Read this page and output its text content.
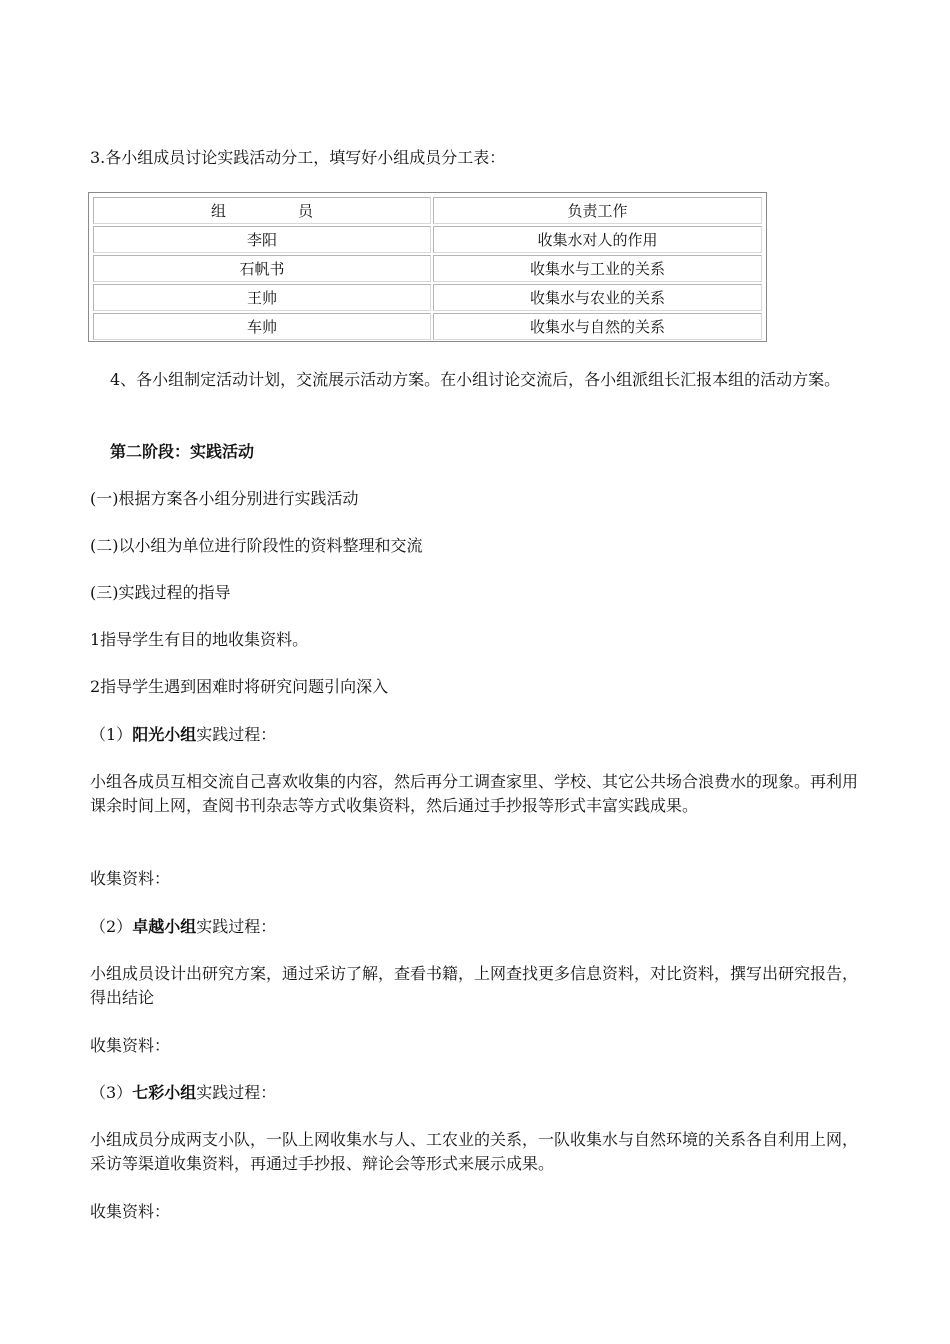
3.各小组成员讨论实践活动分工，填写好小组成员分工表：
组 员	负责工作
李阳	收集水对人的作用
石帆书	收集水与工业的关系
王帅	收集水与农业的关系
车帅	收集水与自然的关系
4、各小组制定活动计划，交流展示活动方案。在小组讨论交流后，各小组派组长汇报本组的活动方案。
第二阶段：实践活动
(一)根据方案各小组分别进行实践活动
(二)以小组为单位进行阶段性的资料整理和交流
(三)实践过程的指导
1指导学生有目的地收集资料。
2指导学生遇到困难时将研究问题引向深入
（1）阳光小组实践过程：
小组各成员互相交流自己喜欢收集的内容，然后再分工调查家里、学校、其它公共场合浪费水的现象。再利用课余时间上网，查阅书刊杂志等方式收集资料，然后通过手抄报等形式丰富实践成果。
收集资料：
（2）卓越小组实践过程：
小组成员设计出研究方案，通过采访了解，查看书籍，上网查找更多信息资料，对比资料，撰写出研究报告，得出结论
收集资料：
（3）七彩小组实践过程：
小组成员分成两支小队，一队上网收集水与人、工农业的关系，一队收集水与自然环境的关系各自利用上网，采访等渠道收集资料，再通过手抄报、辩论会等形式来展示成果。
收集资料：
